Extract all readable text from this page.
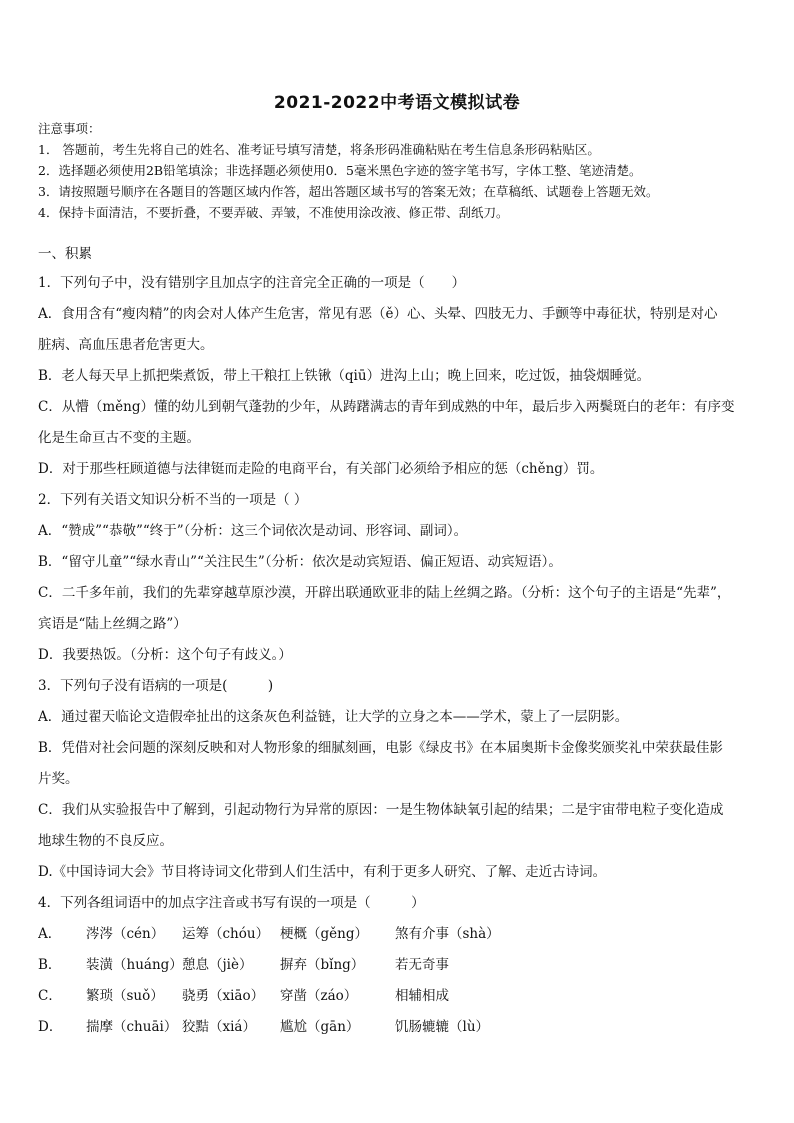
2021-2022中考语文模拟试卷
注意事项：
1． 答题前，考生先将自己的姓名、准考证号填写清楚，将条形码准确粘贴在考生信息条形码粘贴区。
2．选择题必须使用2B铅笔填涂；非选择题必须使用0．5毫米黑色字迹的签字笔书写，字体工整、笔迹清楚。
3．请按照题号顺序在各题目的答题区域内作答，超出答题区域书写的答案无效；在草稿纸、试题卷上答题无效。
4．保持卡面清洁，不要折叠，不要弄破、弄皱，不准使用涂改液、修正带、刮纸刀。
一、积累
1．下列句子中，没有错别字且加点字的注音完全正确的一项是（　　）
A．食用含有“瘦肉精”的肉会对人体产生危害，常见有恶（ě）心、头晕、四肢无力、手颤等中毒征状，特别是对心
脏病、高血压患者危害更大。
B．老人每天早上抓把柴煮饭，带上干粮扛上铁锹（qiū）进沟上山；晚上回来，吃过饭，抽袋烟睡觉。
C．从懵（měng）懂的幼儿到朝气蓬勃的少年，从踌躇满志的青年到成熟的中年，最后步入两鬓斑白的老年：有序变
化是生命亘古不变的主题。
D．对于那些枉顾道德与法律铤而走险的电商平台，有关部门必须给予相应的惩（chěng）罚。
2．下列有关语文知识分析不当的一项是（ ）
A．“赞成”“恭敬”“终于”（分析：这三个词依次是动词、形容词、副词）。
B．“留守儿童”“绿水青山”“关注民生”（分析：依次是动宾短语、偏正短语、动宾短语）。
C．二千多年前，我们的先辈穿越草原沙漠，开辟出联通欧亚非的陆上丝绸之路。（分析：这个句子的主语是“先辈”，
宾语是“陆上丝绸之路”）
D．我要热饭。（分析：这个句子有歧义。）
3．下列句子没有语病的一项是(　　　)
A．通过翟天临论文造假牵扯出的这条灰色利益链，让大学的立身之本——学术，蒙上了一层阴影。
B．凭借对社会问题的深刻反映和对人物形象的细腻刻画，电影《绿皮书》在本届奥斯卡金像奖颁奖礼中荣获最佳影
片奖。
C．我们从实验报告中了解到，引起动物行为异常的原因：一是生物体缺氧引起的结果；二是宇宙带电粒子变化造成
地球生物的不良反应。
D.《中国诗词大会》节目将诗词文化带到人们生活中，有利于更多人研究、了解、走近古诗词。
4．下列各组词语中的加点字注音或书写有误的一项是（　　　）
A．	涔涔（cén）	运筹（chóu） 梗概（gěng）	煞有介事（shà）
B．	装潢（huáng） 憩息（jiè）	摒弃（bǐng）	若无奇事
C．	繁琐（suǒ）	骁勇（xiāo）	穿凿（záo）	相辅相成
D．	揣摩（chuāi） 狡黠（xiá）	尴尬（gān）	饥肠辘辘（lù）
